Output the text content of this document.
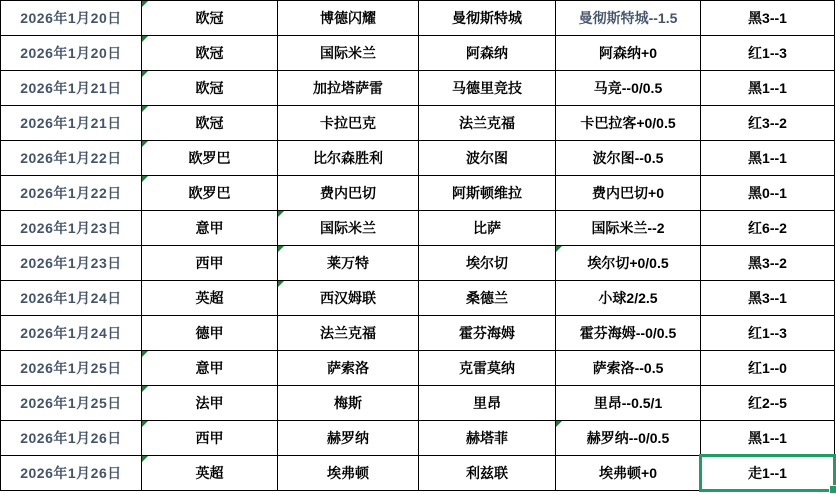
2026年1月20日	欧冠	博德闪耀	曼彻斯特城	曼彻斯特城--1.5	黑3--1
2026年1月20日	欧冠	国际米兰	阿森纳	阿森纳+0	红1--3
2026年1月21日	欧冠	加拉塔萨雷	马德里竞技	马竞--0/0.5	黑1--1
2026年1月21日	欧冠	卡拉巴克	法兰克福	卡巴拉客+0/0.5	红3--2
2026年1月22日	欧罗巴	比尔森胜利	波尔图	波尔图--0.5	黑1--1
2026年1月22日	欧罗巴	费内巴切	阿斯顿维拉	费内巴切+0	黑0--1
2026年1月23日	意甲	国际米兰	比萨	国际米兰--2	红6--2
2026年1月23日	西甲	莱万特	埃尔切	埃尔切+0/0.5	黑3--2
2026年1月24日	英超	西汉姆联	桑德兰	小球2/2.5	黑3--1
2026年1月24日	德甲	法兰克福	霍芬海姆	霍芬海姆--0/0.5	红1--3
2026年1月25日	意甲	萨索洛	克雷莫纳	萨索洛--0.5	红1--0
2026年1月25日	法甲	梅斯	里昂	里昂--0.5/1	红2--5
2026年1月26日	西甲	赫罗纳	赫塔菲	赫罗纳--0/0.5	黑1--1
2026年1月26日	英超	埃弗顿	利兹联	埃弗顿+0	走1--1
